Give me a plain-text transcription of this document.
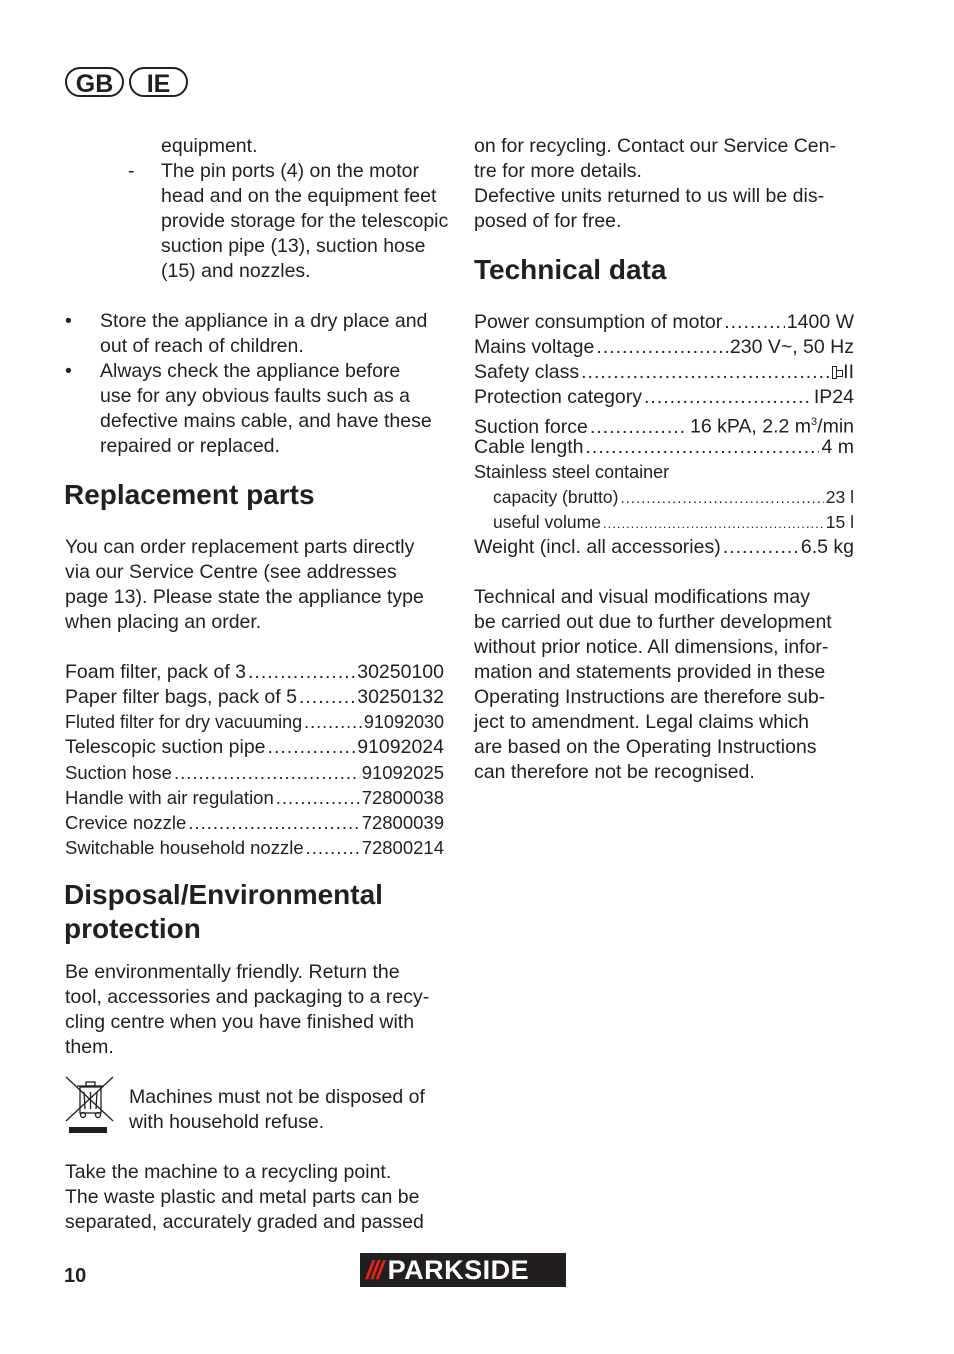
GB	IE
equipment.
- The pin ports (4) on the motor

head and on the equipment feet

provide storage for the telescopic

suction pipe (13), suction hose

(15) and nozzles.

• Store the appliance in a dry place and

out of reach of children.

• Always check the appliance before

use for any obvious faults such as a

defective mains cable, and have these

repaired or replaced.

Replacement parts

You can order replacement parts directly

via our Service Centre (see addresses

page 13). Please state the appliance type

when placing an order.

Foam filter, pack of 3 .....	30250100
Paper filter bags, pack of 5 .....	30250132
Fluted filter for dry vacuuming .....	91092030
Telescopic suction pipe .....	91092024
Suction hose .....	91092025
Handle with air regulation .....	72800038
Crevice nozzle .....	72800039
Switchable household nozzle .....	72800214
Disposal/Environmental
protection

Be environmentally friendly. Return the

tool, accessories and packaging to a recy-

cling centre when you have finished with

them.

Machines must not be disposed of

with household refuse.

Take the machine to a recycling point.

The waste plastic and metal parts can be

separated, accurately graded and passed

on for recycling. Contact our Service Cen-

tre for more details.

Defective units returned to us will be dis-

posed of for free.

Technical data
Power consumption of motor .....	1400 W
Mains voltage .....	230 V~, 50 Hz
Safety class .....	II
Protection category .....	IP24
Suction force .....	16 kPA, 2.2 $m^3/\min$
Cable length .....	4 m
Stainless steel container
capacity (brutto) .....	23 l
useful volume .....	15 l
Weight (incl. all accessories) .....	6.5 kg

Technical and visual modifications may

be carried out due to further development

without prior notice. All dimensions, infor-

mation and statements provided in these

Operating Instructions are therefore sub-

ject to amendment. Legal claims which

are based on the Operating Instructions

can therefore not be recognised.

10	/// PARKSIDE
